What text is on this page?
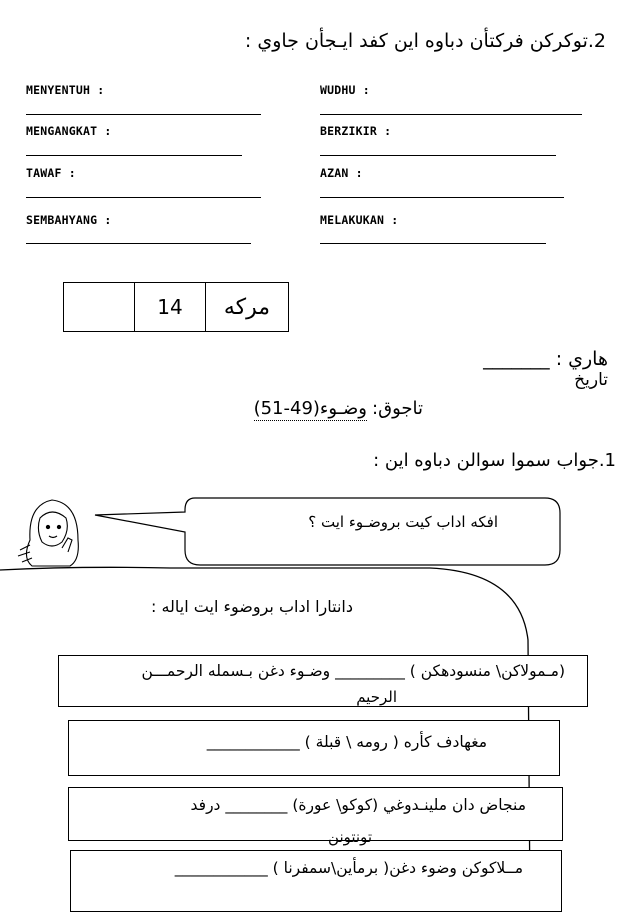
2.توكركن فركتأن دباوه اين كفد ايـجأن جاوي :
MENYENTUH :
MENGANGKAT :
TAWAF :
SEMBAHYANG :
WUDHU :
BERZIKIR :
AZAN :
MELAKUKAN :
	14	مركه
هاري : _______
تاريخ
تاجوق: وضـوء(49-51)
1.جواب سموا سوالن دباوه اين :
افكه اداب كيت بروضـوء ايت ؟
دانتارا اداب بروضوء ايت اياله :
(مـمولاكن\ منسودهكن ) _________ وضـوء دغن بـسمله الرحمـــن
الرحيم
مغهادف كأره ( رومه \ قبلة ) ____________
منجاض دان ملينـدوغي (كوكو\ عورة) ________ درفد
تونتونن
مــلاكوكن وضوء دغن( برمأين\سمفرنا ) ____________
